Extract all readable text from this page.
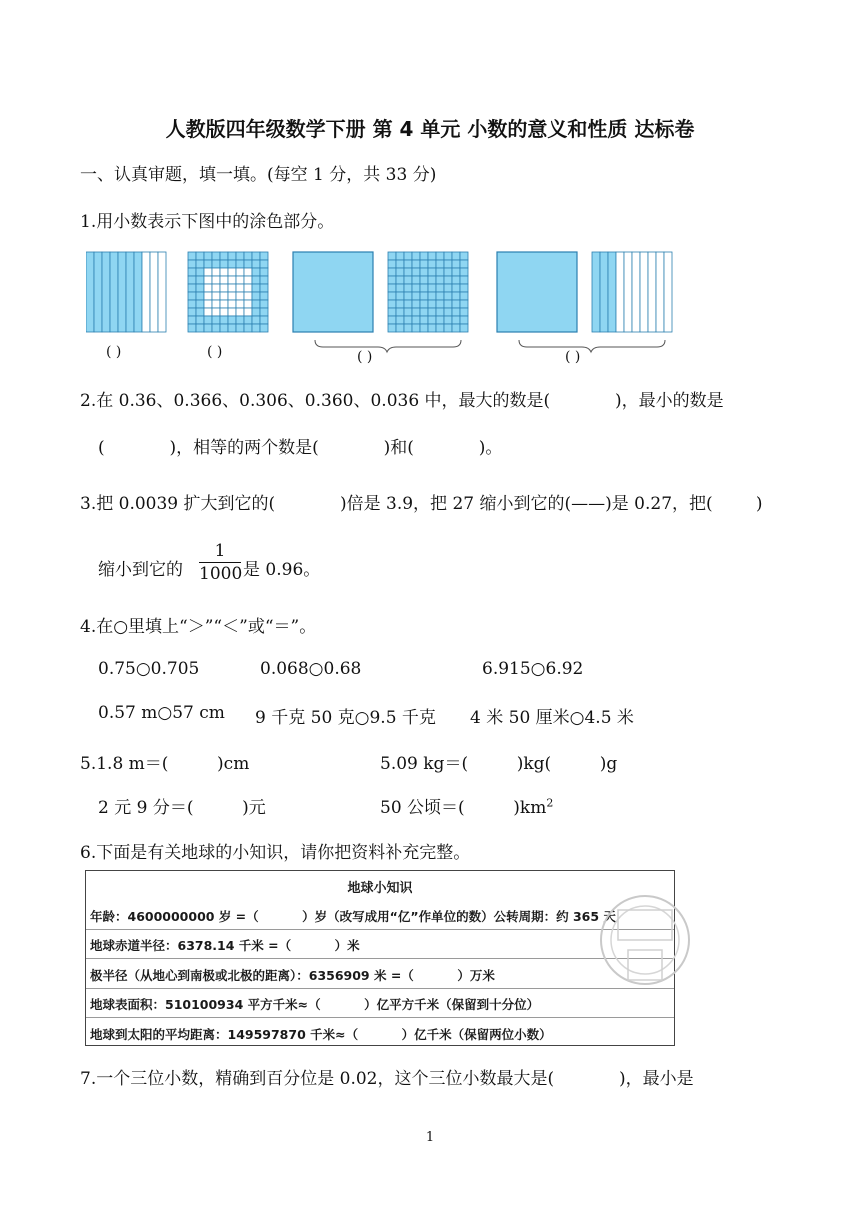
人教版四年级数学下册 第 4 单元 小数的意义和性质 达标卷
一、认真审题，填一填。(每空 1 分，共 33 分)
1.用小数表示下图中的涂色部分。
( )	( )	( )	( )
2.在 0.36、0.366、0.306、0.360、0.036 中，最大的数是(            )，最小的数是
(            )，相等的两个数是(            )和(            )。
3.把 0.0039 扩大到它的(            )倍是 3.9，把 27 缩小到它的(——)是 0.27，把(        )
缩小到它的
1
1000 是 0.96。
4.在○里填上“＞”“＜”或“＝”。
0.75○0.705	0.068○0.68	6.915○6.92
0.57 m○57 cm 9 千克 50 克○9.5 千克 4 米 50 厘米○4.5 米
5.1.8 m＝(         )cm	5.09 kg＝(         )kg(         )g
2 元 9 分＝(         )元	50 公顷＝(         )$km^2$
6.下面是有关地球的小知识，请你把资料补充完整。
地球小知识
年龄：4600000000 岁 =（          ）岁（改写成用“亿”作单位的数）公转周期：约 365 天
地球赤道半径：6378.14 千米 =（          ）米
极半径（从地心到南极或北极的距离）：6356909 米 =（          ）万米
地球表面积：510100934 平方千米≈（          ）亿平方千米（保留到十分位）
地球到太阳的平均距离：149597870 千米≈（          ）亿千米（保留两位小数）
7.一个三位小数，精确到百分位是 0.02，这个三位小数最大是(            )，最小是
1
